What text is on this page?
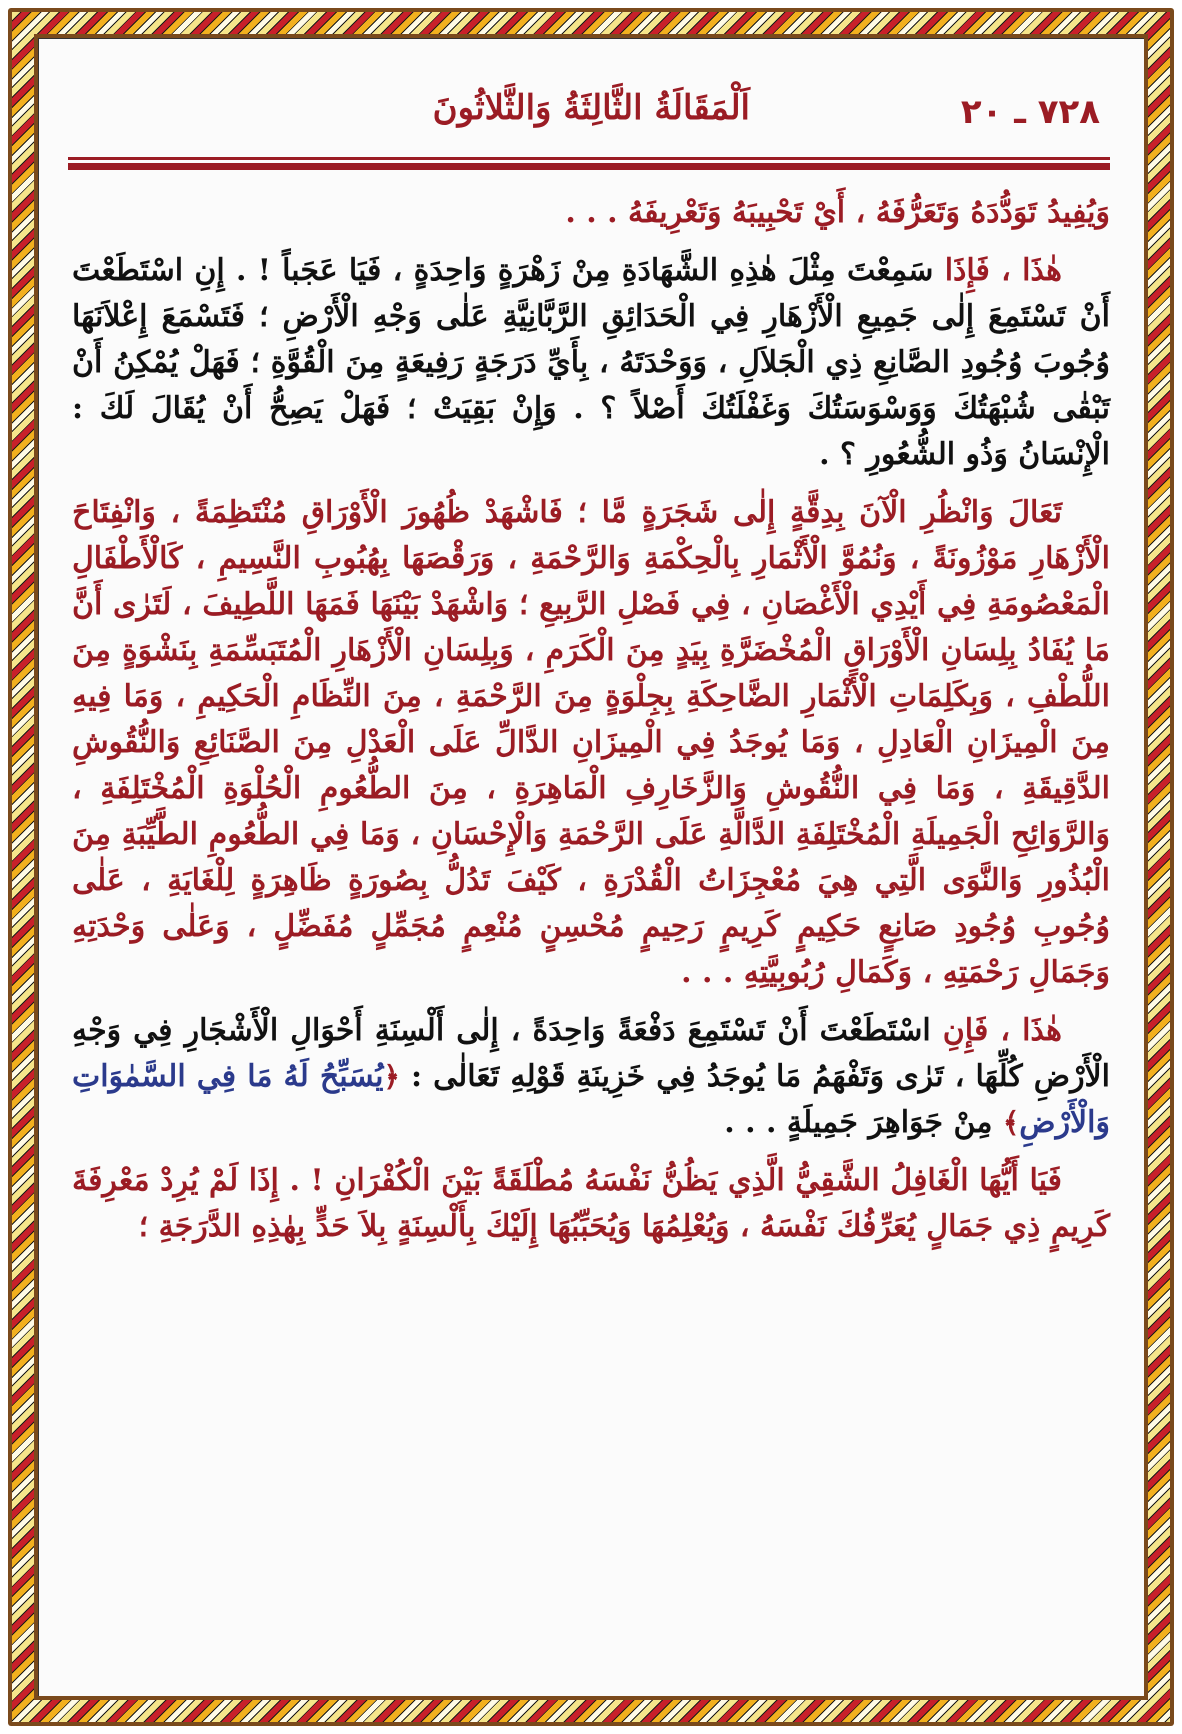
٧٢٨ ـ ٢٠
اَلْمَقَالَةُ الثَّالِثَةُ وَالثَّلاثُونَ

وَيُفِيدُ تَوَدُّدَهُ وَتَعَرُّفَهُ ، أَيْ تَحْبِيبَهُ وَتَعْرِيفَهُ . . .

هٰذَا ، فَإِذَا سَمِعْتَ مِثْلَ هٰذِهِ الشَّهَادَةِ مِنْ زَهْرَةٍ وَاحِدَةٍ ، فَيَا عَجَباً ! . إِنِ اسْتَطَعْتَ أَنْ تَسْتَمِعَ إِلٰى جَمِيعِ الْأَزْهَارِ فِي الْحَدَائِقِ الرَّبَّانِيَّةِ عَلٰى وَجْهِ الْأَرْضِ ؛ فَتَسْمَعَ إِعْلاَنَهَا وُجُوبَ وُجُودِ الصَّانِعِ ذِي الْجَلاَلِ ، وَوَحْدَتَهُ ، بِأَيِّ دَرَجَةٍ رَفِيعَةٍ مِنَ الْقُوَّةِ ؛ فَهَلْ يُمْكِنُ أَنْ تَبْقٰى شُبْهَتُكَ وَوَسْوَسَتُكَ وَغَفْلَتُكَ أَصْلاً ؟ . وَإِنْ بَقِيَتْ ؛ فَهَلْ يَصِحُّ أَنْ يُقَالَ لَكَ : الْإِنْسَانُ وَذُو الشُّعُورِ ؟ .

تَعَالَ وَانْظُرِ الْآنَ بِدِقَّةٍ إِلٰى شَجَرَةٍ مَّا ؛ فَاشْهَدْ ظُهُورَ الْأَوْرَاقِ مُنْتَظِمَةً ، وَانْفِتَاحَ الْأَزْهَارِ مَوْزُونَةً ، وَنُمُوَّ الْأَثْمَارِ بِالْحِكْمَةِ وَالرَّحْمَةِ ، وَرَقْصَهَا بِهُبُوبِ النَّسِيمِ ، كَالْأَطْفَالِ الْمَعْصُومَةِ فِي أَيْدِي الْأَغْصَانِ ، فِي فَصْلِ الرَّبِيعِ ؛ وَاشْهَدْ بَيْنَهَا فَمَهَا اللَّطِيفَ ، لَتَرٰى أَنَّ مَا يُفَادُ بِلِسَانِ الْأَوْرَاقِ الْمُخْضَرَّةِ بِيَدٍ مِنَ الْكَرَمِ ، وَبِلِسَانِ الْأَزْهَارِ الْمُتَبَسِّمَةِ بِنَشْوَةٍ مِنَ اللُّطْفِ ، وَبِكَلِمَاتِ الْأَثْمَارِ الضَّاحِكَةِ بِجِلْوَةٍ مِنَ الرَّحْمَةِ ، مِنَ النِّظَامِ الْحَكِيمِ ، وَمَا فِيهِ مِنَ الْمِيزَانِ الْعَادِلِ ، وَمَا يُوجَدُ فِي الْمِيزَانِ الدَّالِّ عَلَى الْعَدْلِ مِنَ الصَّنَائِعِ وَالنُّقُوشِ الدَّقِيقَةِ ، وَمَا فِي النُّقُوشِ وَالزَّخَارِفِ الْمَاهِرَةِ ، مِنَ الطُّعُومِ الْحُلْوَةِ الْمُخْتَلِفَةِ ، وَالرَّوَائِحِ الْجَمِيلَةِ الْمُخْتَلِفَةِ الدَّالَّةِ عَلَى الرَّحْمَةِ وَالْإِحْسَانِ ، وَمَا فِي الطُّعُومِ الطَّيِّبَةِ مِنَ الْبُذُورِ وَالنَّوَى الَّتِي هِيَ مُعْجِزَاتُ الْقُدْرَةِ ، كَيْفَ تَدُلُّ بِصُورَةٍ ظَاهِرَةٍ لِلْغَايَةِ ، عَلٰى وُجُوبِ وُجُودِ صَانِعٍ حَكِيمٍ كَرِيمٍ رَحِيمٍ مُحْسِنٍ مُنْعِمٍ مُجَمِّلٍ مُفَضِّلٍ ، وَعَلٰى وَحْدَتِهِ وَجَمَالِ رَحْمَتِهِ ، وَكَمَالِ رُبُوبِيَّتِهِ . . .

هٰذَا ، فَإِنِ اسْتَطَعْتَ أَنْ تَسْتَمِعَ دَفْعَةً وَاحِدَةً ، إِلٰى أَلْسِنَةِ أَحْوَالِ الْأَشْجَارِ فِي وَجْهِ الْأَرْضِ كُلِّهَا ، تَرٰى وَتَفْهَمُ مَا يُوجَدُ فِي خَزِينَةِ قَوْلِهِ تَعَالٰى : ﴿يُسَبِّحُ لَهُ مَا فِي السَّمٰوَاتِ وَالْأَرْضِ﴾ مِنْ جَوَاهِرَ جَمِيلَةٍ . . .

فَيَا أَيُّهَا الْغَافِلُ الشَّقِيُّ الَّذِي يَظُنُّ نَفْسَهُ مُطْلَقَةً بَيْنَ الْكُفْرَانِ ! . إِذَا لَمْ يُرِدْ مَعْرِفَةَ كَرِيمٍ ذِي جَمَالٍ يُعَرِّفُكَ نَفْسَهُ ، وَيُعْلِمُهَا وَيُحَبِّبُهَا إِلَيْكَ بِأَلْسِنَةٍ بِلاَ حَدٍّ بِهٰذِهِ الدَّرَجَةِ ؛
